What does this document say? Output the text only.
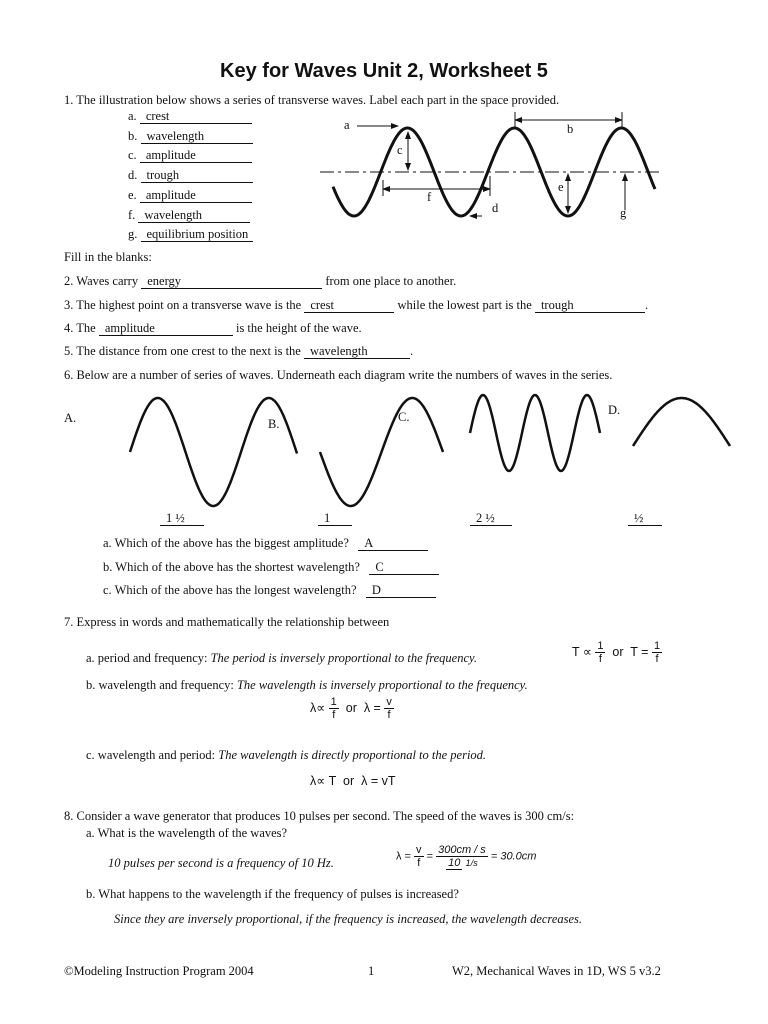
Key for Waves Unit 2, Worksheet 5
1. The illustration below shows a series of transverse waves. Label each part in the space provided.
a. crest
b. wavelength
c. amplitude
d. trough
e. amplitude
f. wavelength
g. equilibrium position
a	b
c
d
e
f
g
Fill in the blanks:
2. Waves carry energy	from one place to another.
3. The highest point on a transverse wave is the crest	while the lowest part is the trough	.
4. The amplitude	is the height of the wave.
5. The distance from one crest to the next is the wavelength	.
6. Below are a number of series of waves. Underneath each diagram write the numbers of waves in the series.
A.	B.	C.	D.
1 ½	1	2 ½	½
a. Which of the above has the biggest amplitude? A
b. Which of the above has the shortest wavelength? C
c. Which of the above has the longest wavelength? D
7. Express in words and mathematically the relationship between
a. period and frequency: The period is inversely proportional to the frequency.	$T \propto \frac{1}{f}$ or $T = \frac{1}{f}$
b. wavelength and frequency: The wavelength is inversely proportional to the frequency.
$\lambda\propto \frac{1}{f}$ or $\lambda = \frac{v}{f}$
c. wavelength and period: The wavelength is directly proportional to the period.
λ∝ T or λ = vT
8. Consider a wave generator that produces 10 pulses per second. The speed of the waves is 300 cm/s:
a. What is the wavelength of the waves?
10 pulses per second is a frequency of 10 Hz.	$\lambda = \frac{v}{f} = \frac{300cm / s}{10 1/s} = 30.0cm$
b. What happens to the wavelength if the frequency of pulses is increased?
Since they are inversely proportional, if the frequency is increased, the wavelength decreases.
©Modeling Instruction Program 2004	1	W2, Mechanical Waves in 1D, WS 5 v3.2
